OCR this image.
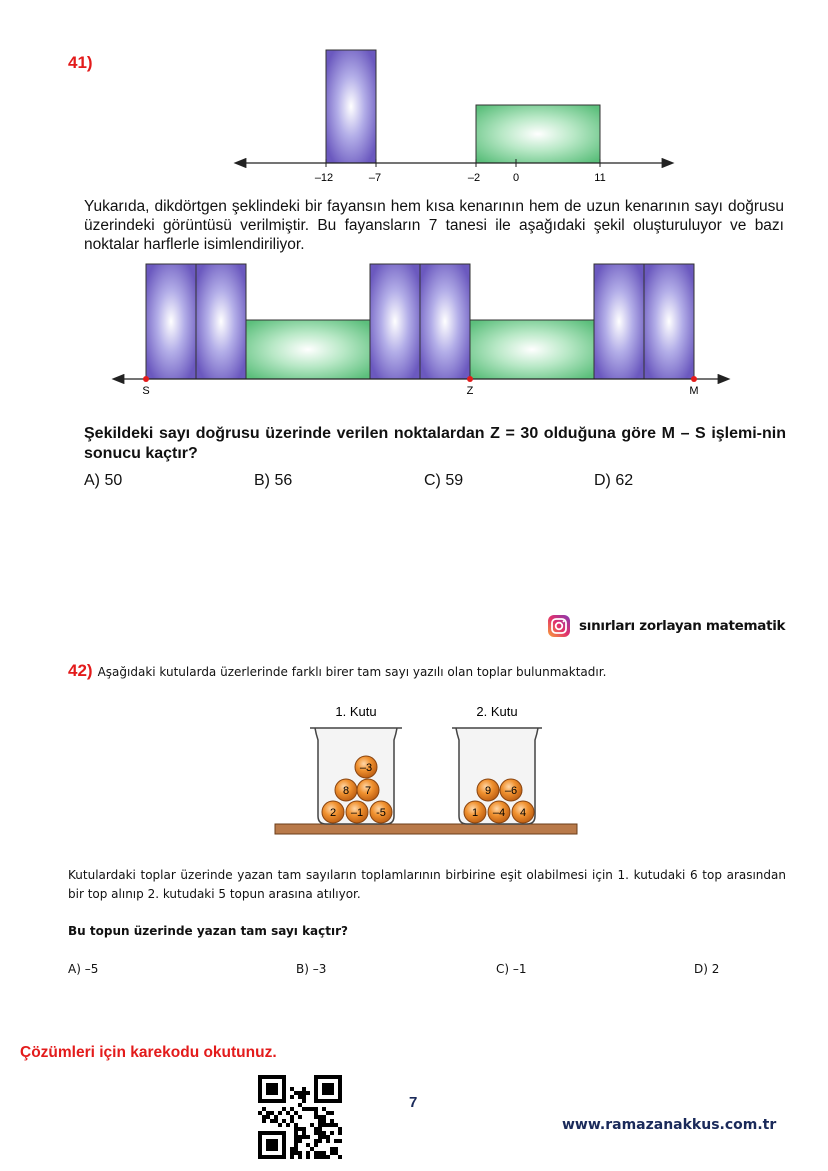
41)
–12	–7	–2	0	11
Yukarıda, dikdörtgen şeklindeki bir fayansın hem kısa kenarının hem de uzun kenarının sayı doğrusu üzerindeki görüntüsü verilmiştir. Bu fayansların 7 tanesi ile aşağıdaki şekil oluşturuluyor ve bazı noktalar harflerle isimlendiriliyor.
S	Z	M
Şekildeki sayı doğrusu üzerinde verilen noktalardan Z = 30 olduğuna göre M – S işlemi-nin sonucu kaçtır?
A) 50	B) 56	C) 59	D) 62
sınırları zorlayan matematik
42) Aşağıdaki kutularda üzerlerinde farklı birer tam sayı yazılı olan toplar bulunmaktadır.
1. Kutu	2. Kutu
–3
8 7
2 –1 -5
9 –6
1 –4 4
Kutulardaki toplar üzerinde yazan tam sayıların toplamlarının birbirine eşit olabilmesi için 1. kutudaki 6 top arasından bir top alınıp 2. kutudaki 5 topun arasına atılıyor.
Bu topun üzerinde yazan tam sayı kaçtır?
A) –5	B) –3	C) –1	D) 2
Çözümleri için karekodu okutunuz.
7
www.ramazanakkus.com.tr
